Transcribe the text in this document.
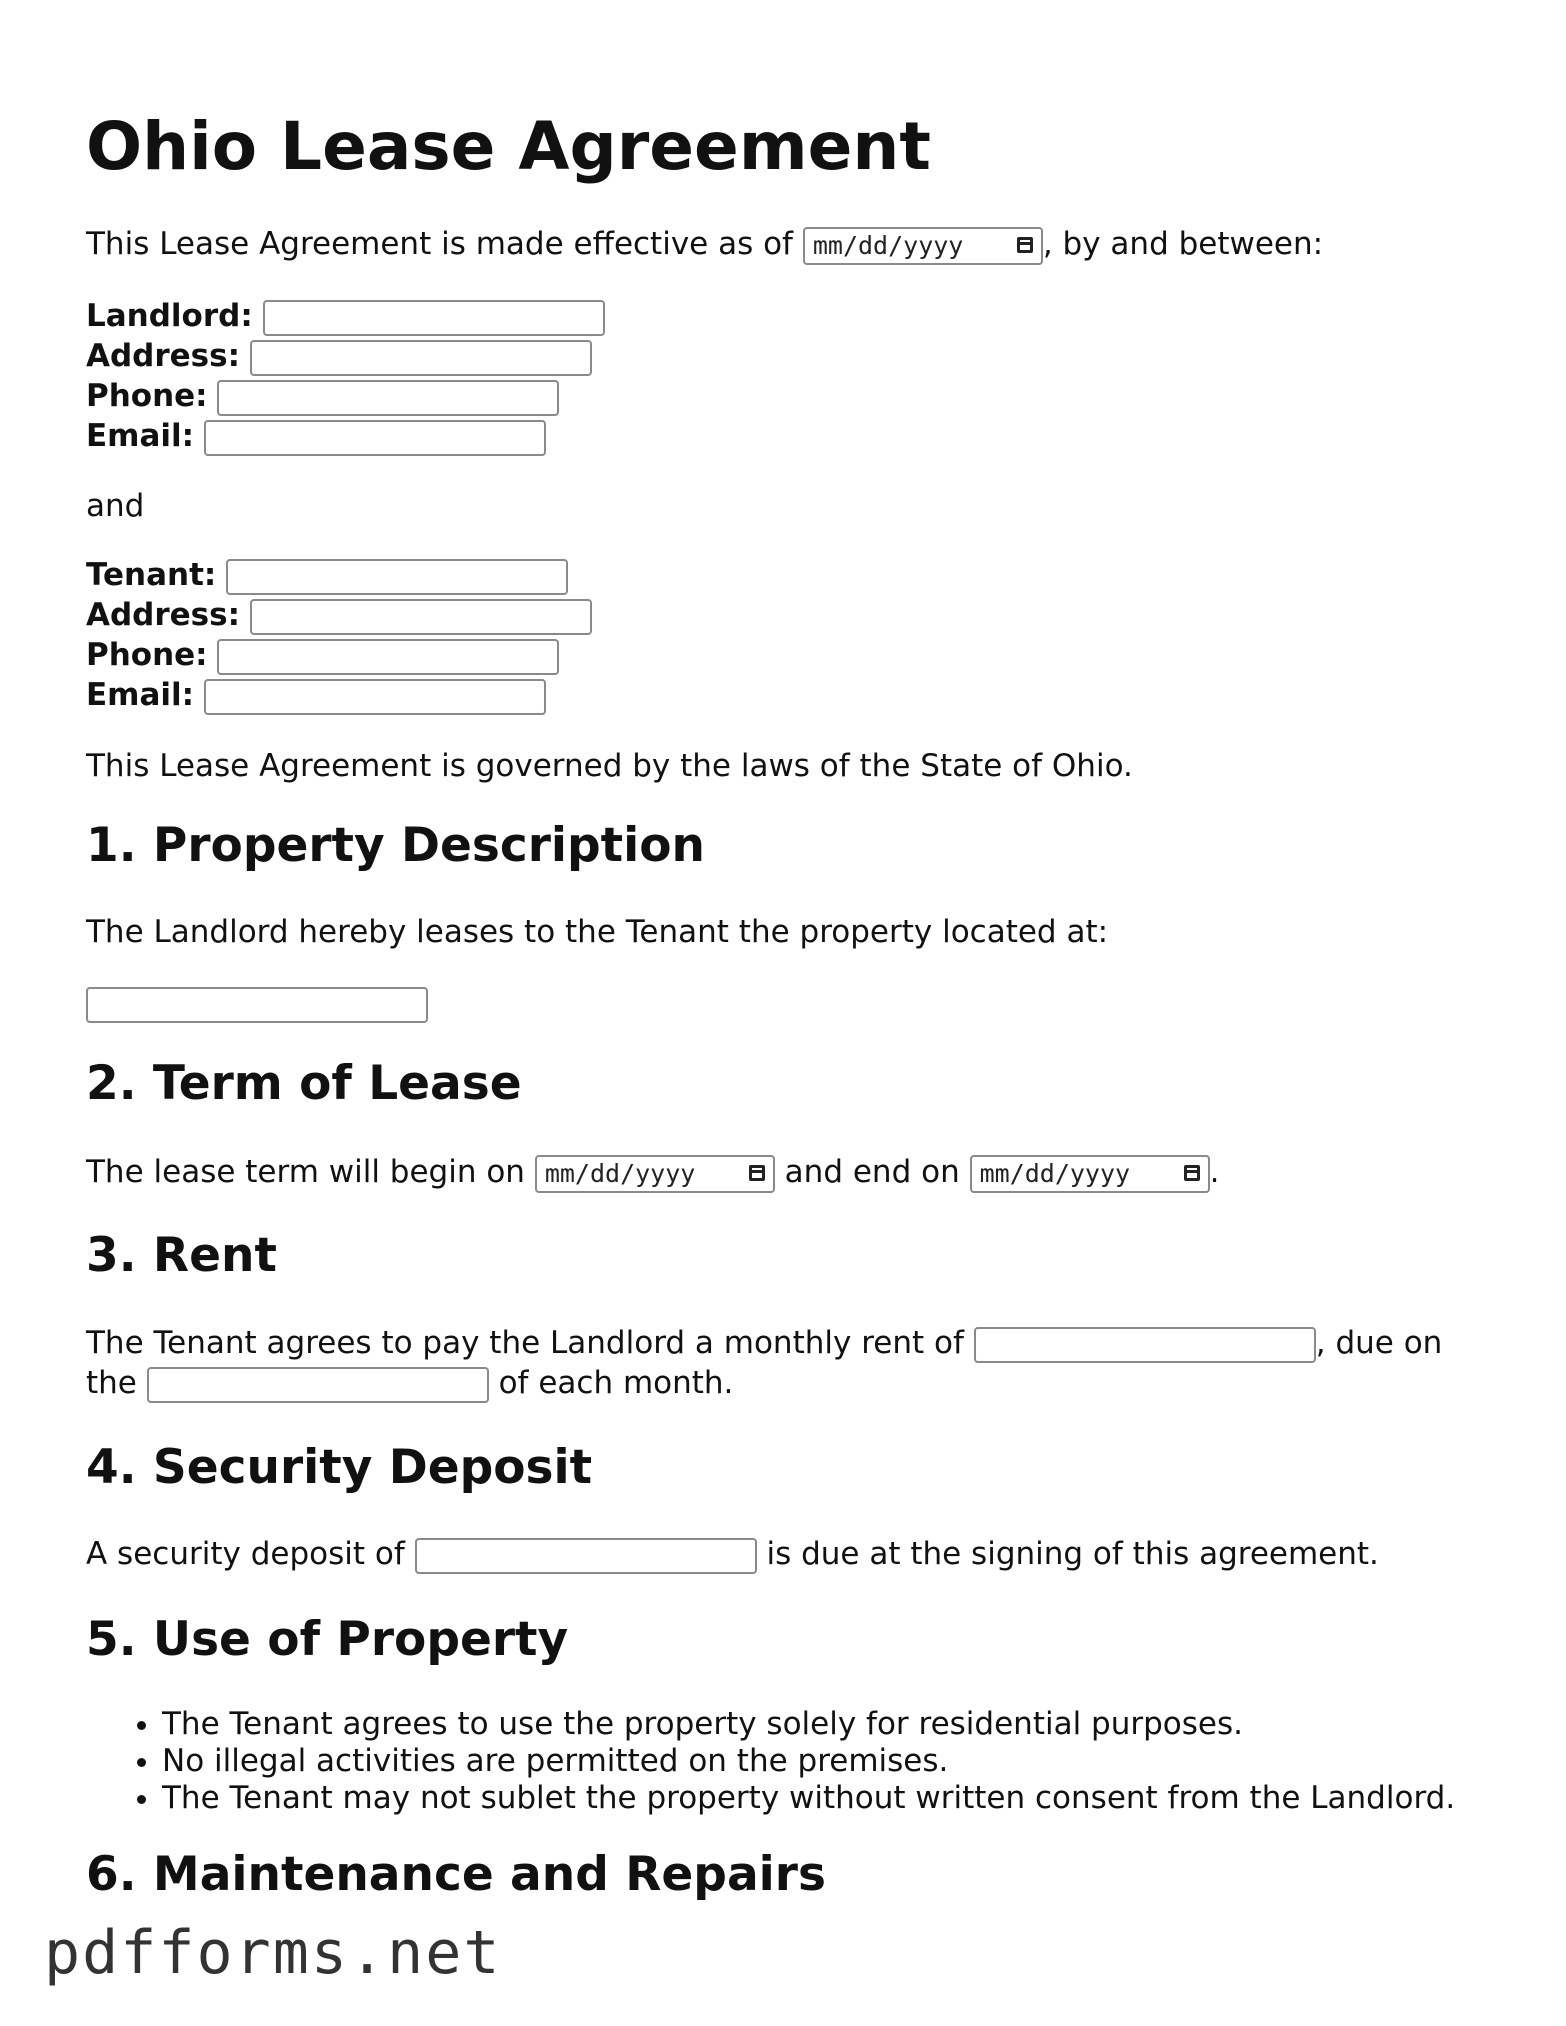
Ohio Lease Agreement
This Lease Agreement is made effective as of mm/dd/yyyy	, by and between:
Landlord:
Address:
Phone:
Email:
and
Tenant:
Address:
Phone:
Email:
This Lease Agreement is governed by the laws of the State of Ohio.
1. Property Description
The Landlord hereby leases to the Tenant the property located at:
2. Term of Lease
The lease term will begin on mm/dd/yyyy	and end on mm/dd/yyyy	.
3. Rent
The Tenant agrees to pay the Landlord a monthly rent of	, due on
the	of each month.
4. Security Deposit
A security deposit of	is due at the signing of this agreement.
5. Use of Property
• The Tenant agrees to use the property solely for residential purposes.
• No illegal activities are permitted on the premises.
• The Tenant may not sublet the property without written consent from the Landlord.
6. Maintenance and Repairs
pdfforms.net
